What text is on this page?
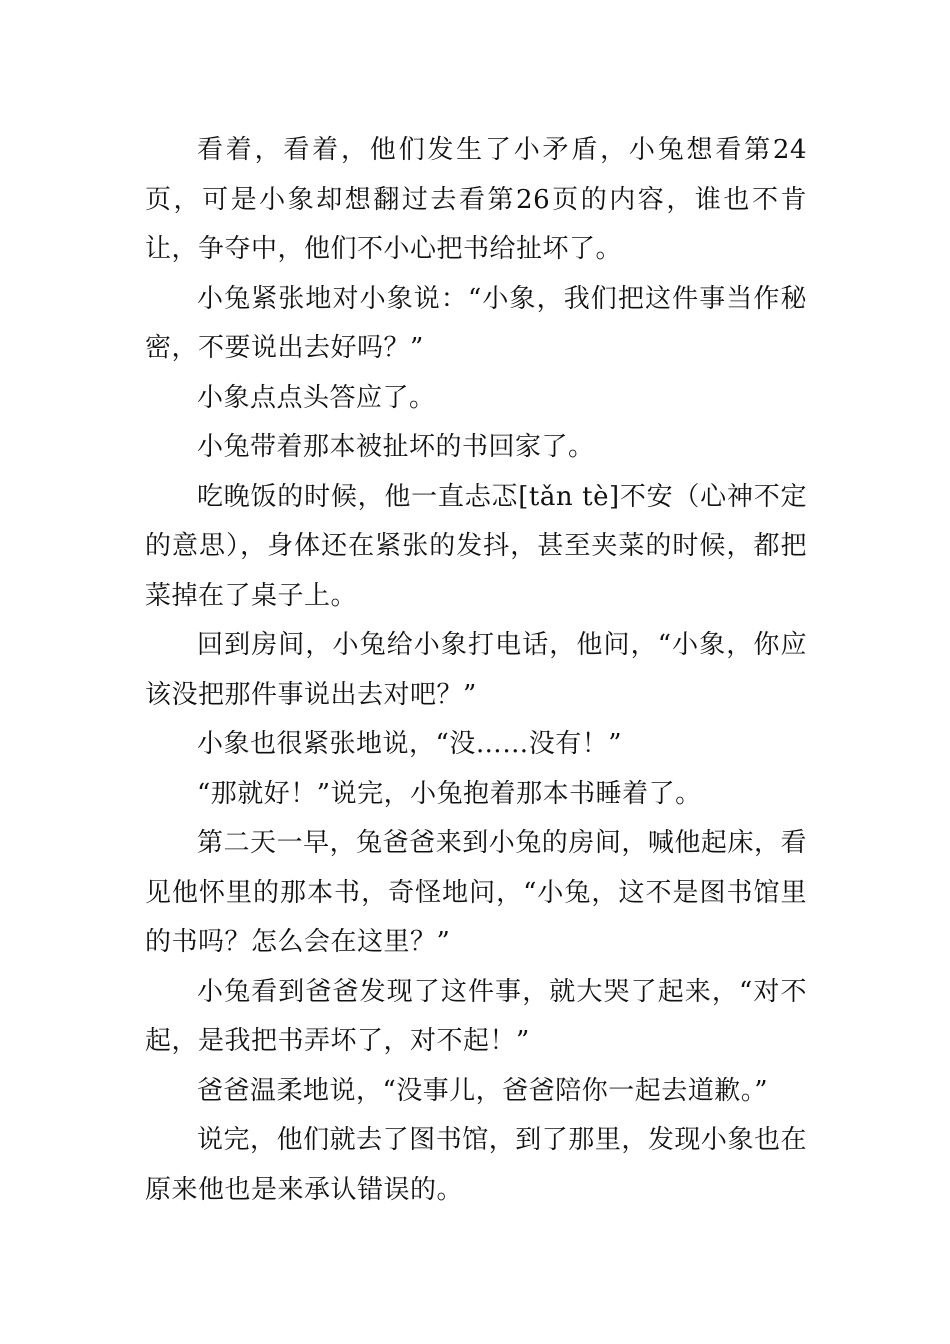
看着，看着，他们发生了小矛盾，小兔想看第24页，可是小象却想翻过去看第26页的内容，谁也不肯让，争夺中，他们不小心把书给扯坏了。

小兔紧张地对小象说：“小象，我们把这件事当作秘密，不要说出去好吗？”

小象点点头答应了。

小兔带着那本被扯坏的书回家了。

吃晚饭的时候，他一直忐忑[tǎn tè]不安（心神不定的意思），身体还在紧张的发抖，甚至夹菜的时候，都把菜掉在了桌子上。

回到房间，小兔给小象打电话，他问，“小象，你应该没把那件事说出去对吧？”

小象也很紧张地说，“没……没有！”

“那就好！”说完，小兔抱着那本书睡着了。

第二天一早，兔爸爸来到小兔的房间，喊他起床，看见他怀里的那本书，奇怪地问，“小兔，这不是图书馆里的书吗？怎么会在这里？”

小兔看到爸爸发现了这件事，就大哭了起来，“对不起，是我把书弄坏了，对不起！”

爸爸温柔地说，“没事儿，爸爸陪你一起去道歉。”

说完，他们就去了图书馆，到了那里，发现小象也在原来他也是来承认错误的。
